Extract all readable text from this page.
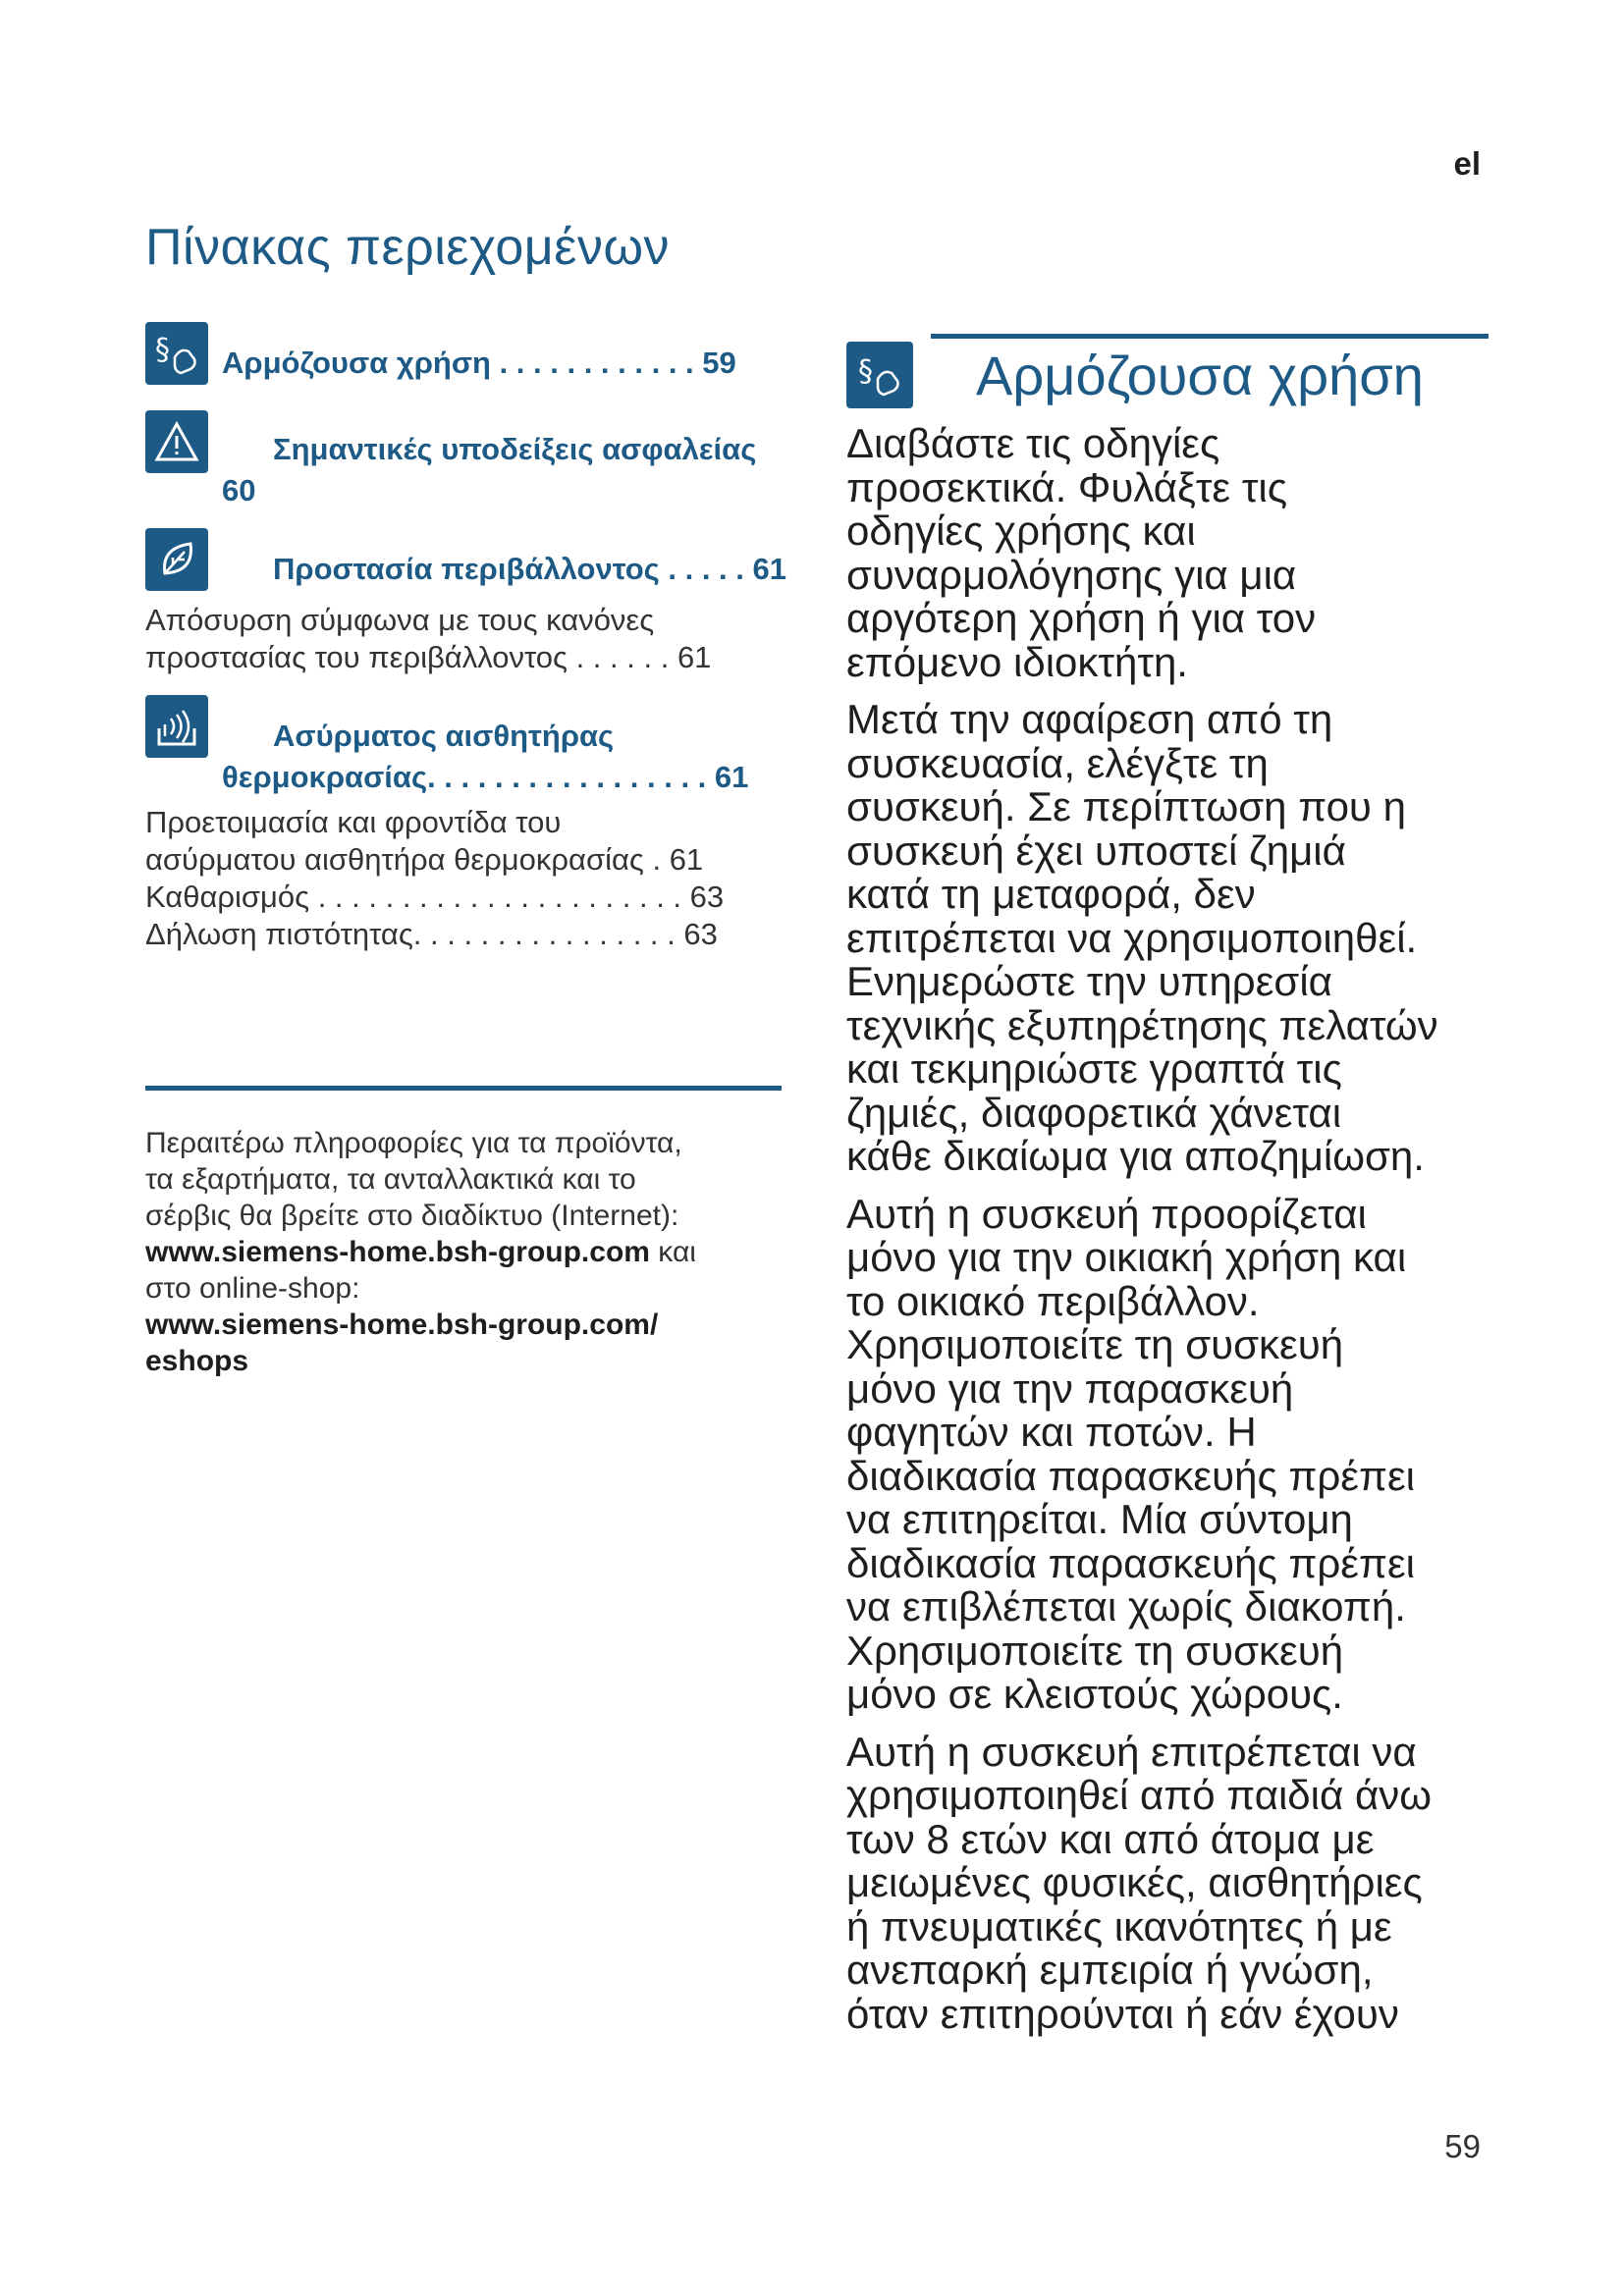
el
Πίνακας περιεχομένων
§ Αρμόζουσα χρήση . . . . . . . . . . . . 59
Σημαντικές υποδείξεις ασφαλείας
60
Προστασία περιβάλλοντος . . . . . 61
Απόσυρση σύμφωνα με τους κανόνες
προστασίας του περιβάλλοντος . . . . . . 61
Ασύρματος αισθητήρας
θερμοκρασίας. . . . . . . . . . . . . . . . . 61
Προετοιμασία και φροντίδα του
ασύρματου αισθητήρα θερμοκρασίας . 61
Καθαρισμός . . . . . . . . . . . . . . . . . . . . . . 63
Δήλωση πιστότητας. . . . . . . . . . . . . . . . 63
Περαιτέρω πληροφορίες για τα προϊόντα,
τα εξαρτήματα, τα ανταλλακτικά και το
σέρβις θα βρείτε στο διαδίκτυο (Internet):
www.siemens-home.bsh-group.com και
στο online-shop:
www.siemens-home.bsh-group.com/
eshops
§ Αρμόζουσα χρήση

Διαβάστε τις οδηγίες
προσεκτικά. Φυλάξτε τις
οδηγίες χρήσης και
συναρμολόγησης για μια
αργότερη χρήση ή για τον
επόμενο ιδιοκτήτη.

Μετά την αφαίρεση από τη
συσκευασία, ελέγξτε τη
συσκευή. Σε περίπτωση που η
συσκευή έχει υποστεί ζημιά
κατά τη μεταφορά, δεν
επιτρέπεται να χρησιμοποιηθεί.
Ενημερώστε την υπηρεσία
τεχνικής εξυπηρέτησης πελατών
και τεκμηριώστε γραπτά τις
ζημιές, διαφορετικά χάνεται
κάθε δικαίωμα για αποζημίωση.

Αυτή η συσκευή προορίζεται
μόνο για την οικιακή χρήση και
το οικιακό περιβάλλον.
Χρησιμοποιείτε τη συσκευή
μόνο για την παρασκευή
φαγητών και ποτών. Η
διαδικασία παρασκευής πρέπει
να επιτηρείται. Μία σύντομη
διαδικασία παρασκευής πρέπει
να επιβλέπεται χωρίς διακοπή.
Χρησιμοποιείτε τη συσκευή
μόνο σε κλειστούς χώρους.

Αυτή η συσκευή επιτρέπεται να
χρησιμοποιηθεί από παιδιά άνω
των 8 ετών και από άτομα με
μειωμένες φυσικές, αισθητήριες
ή πνευματικές ικανότητες ή με
ανεπαρκή εμπειρία ή γνώση,
όταν επιτηρούνται ή εάν έχουν

59
